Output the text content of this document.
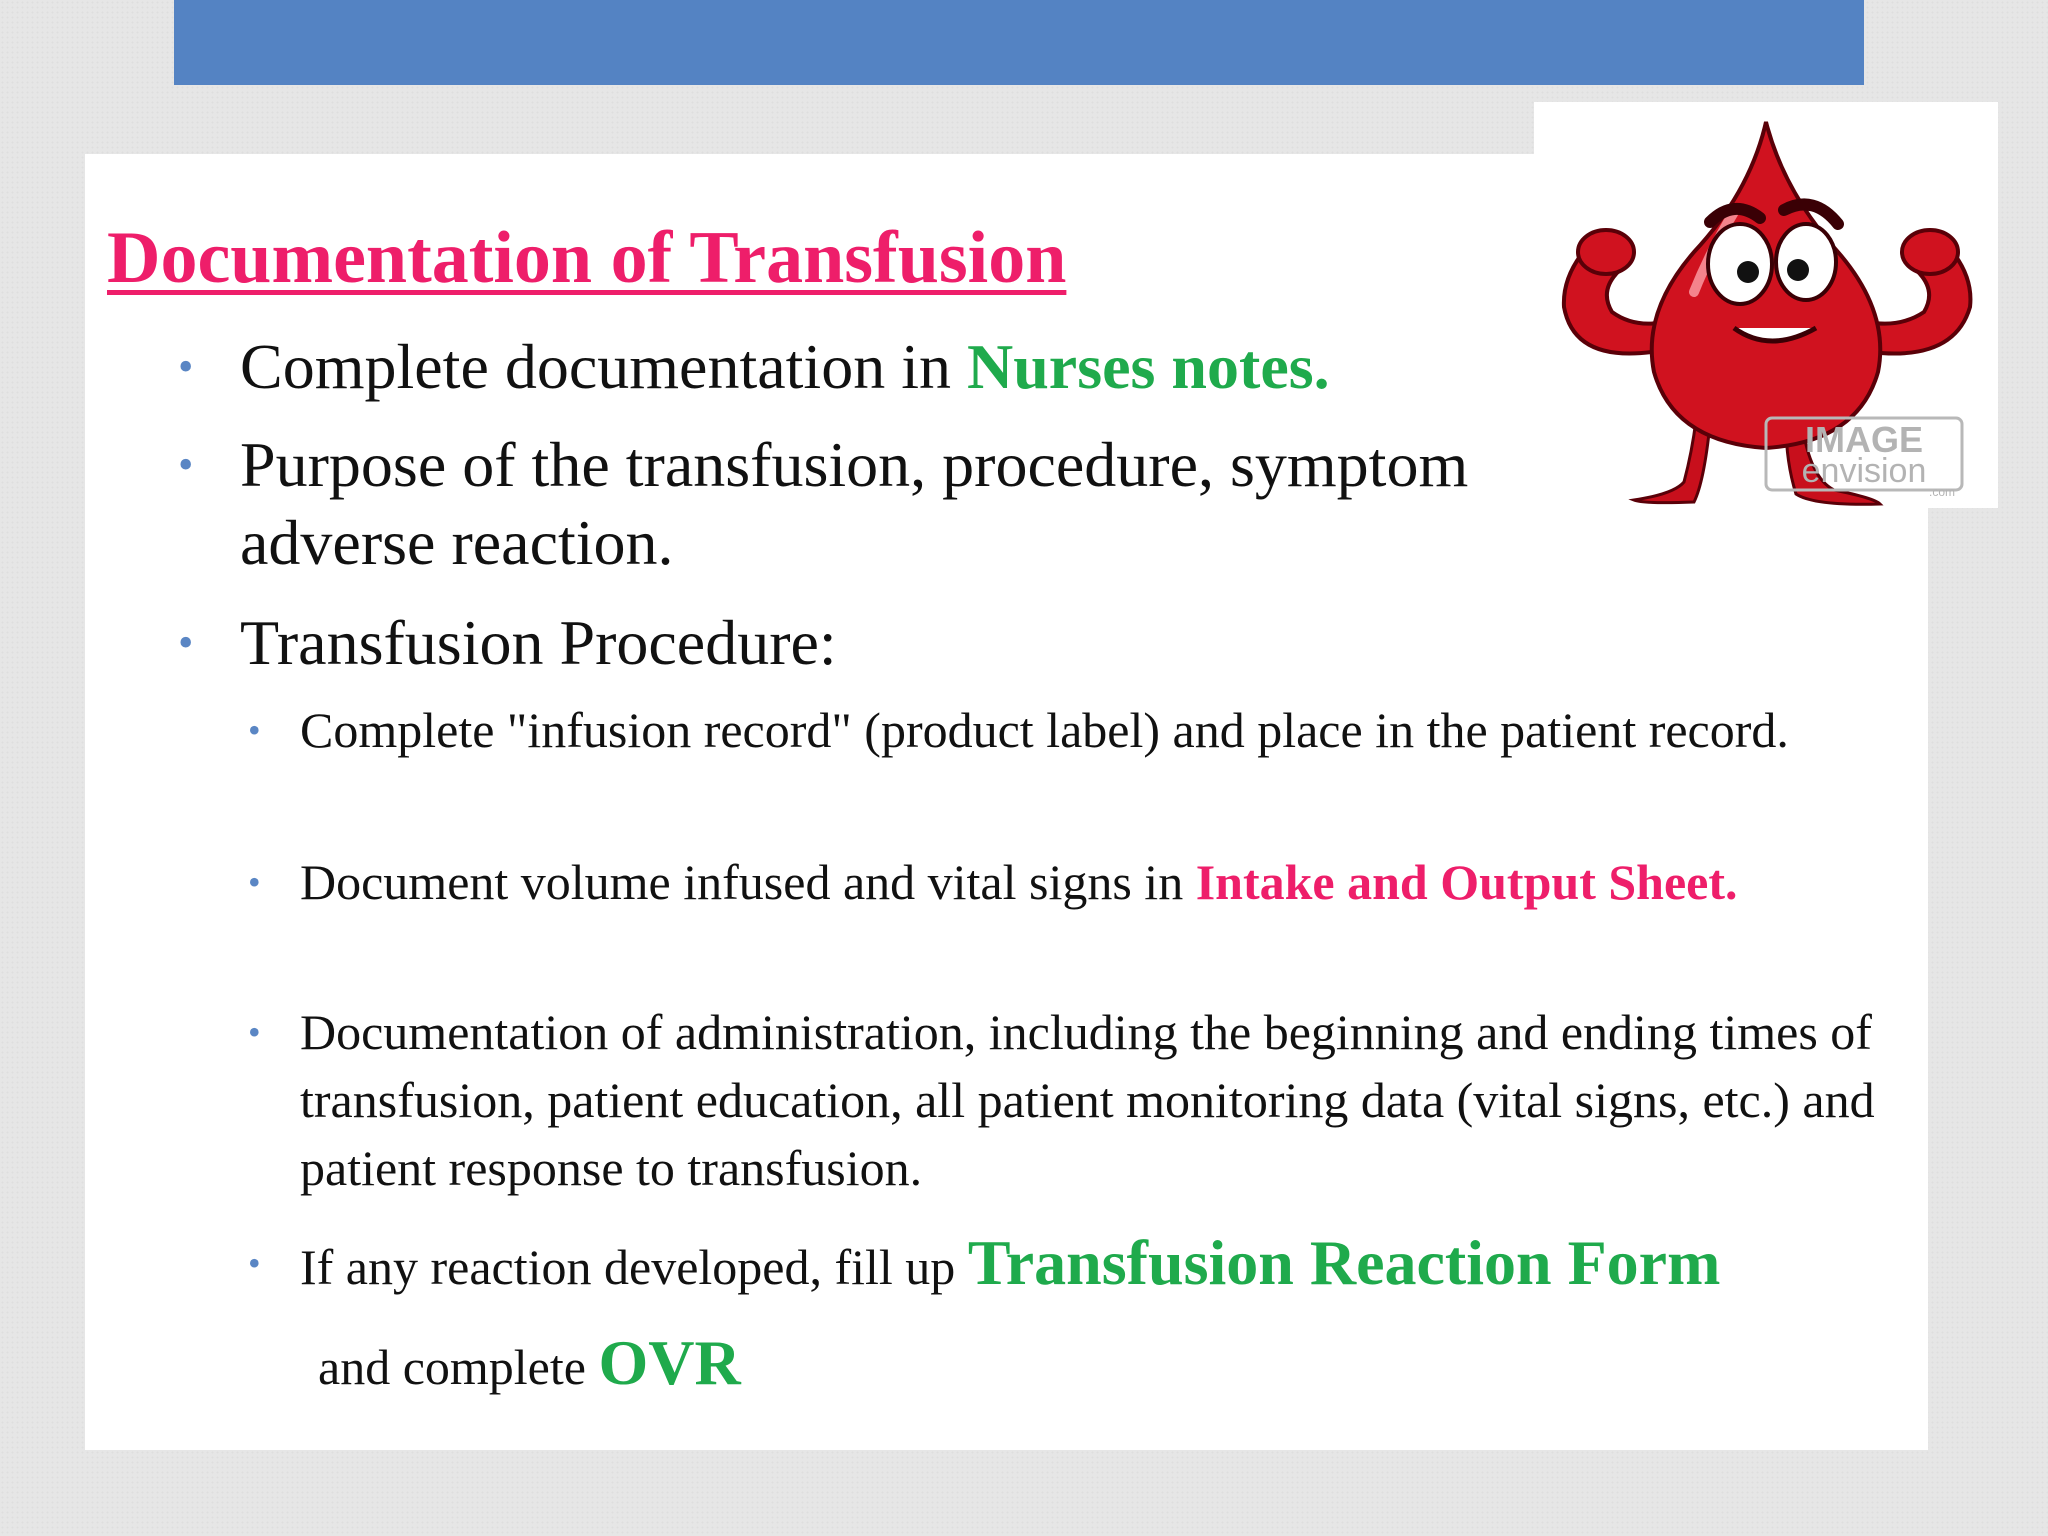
Documentation of Transfusion
• Complete documentation in Nurses notes.
• Purpose of the transfusion, procedure, symptom
adverse reaction.
• Transfusion Procedure:
• Complete "infusion record" (product label) and place in the patient record.
• Document volume infused and vital signs in Intake and Output Sheet.
• Documentation of administration, including the beginning and ending times of transfusion, patient education, all patient monitoring data (vital signs, etc.) and patient response to transfusion.
• If any reaction developed, fill up Transfusion Reaction Form
and complete OVR
IMAGE
envision
.com
